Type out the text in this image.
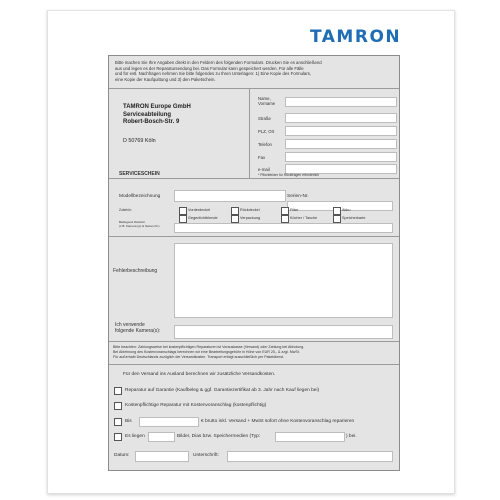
TAMRON
Bitte machen Sie Ihre Angaben direkt in den Feldern des folgenden Formulars. Drucken Sie es anschließend
aus und legen es der Reparatursendung bei. Das Formular kann gespeichert werden. Für alle Fälle
und für evtl. Nachfragen nehmen Sie bitte folgendes zu Ihren Unterlagen: 1) Eine Kopie des Formulars,
eine Kopie der Kaufquittung und 3) den Paketschein.
TAMRON Europe GmbH
Serviceabteilung
Robert-Bosch-Str. 9
D 50769 Köln
Name,
Vorname
Straße
PLZ, Ort
Telefon
Fax
e-mail
* Pflichtfelder für Rückfragen erforderlich
SERVICESCHEIN
Modellbezeichnung	Serien-Nr.
Zubehör:	Vorderdeckel	Rückdeckel	Filter	Akku
Gegenlichtblende	Verpackung	Köcher / Tasche	Speicherkarte
Beiliegend Zubehör
(z.B. Kamera typ & Serien-Nr.)
Fehlerbeschreibung
Ich verwende
folgende Kamera(s):
Bitte beachten: Zahlungsweise bei kostenpflichtigen Reparaturen ist Vorauskasse (Versand) oder Zahlung bei Abholung.
Bei Ablehnung des Kostenvoranschlags berechnen wir eine Bearbeitungsgebühr in Höhe von EUR 25,- & zzgl. MwSt.
Für außerhalb Deutschlands zuzüglich der Versandkosten. Transport erfolgt ausschließlich per Paketdienst.
Für den Versand ins Ausland berechnen wir zusätzliche Versandkosten.
Reparatur auf Garantie (Kaufbeleg & ggf. Garantiezertifikat ab 3. Jahr nach Kauf liegen bei)
Kostenpflichtige Reparatur mit Kostenvoranschlag (kostenpflichtig)
Bis	€ brutto inkl. Versand + MwSt sofort ohne Kostenvoranschlag reparieren
Es liegen	Bilder, Dias bzw. Speichermedien (Typ:	) bei.
Datum:	Unterschrift:
